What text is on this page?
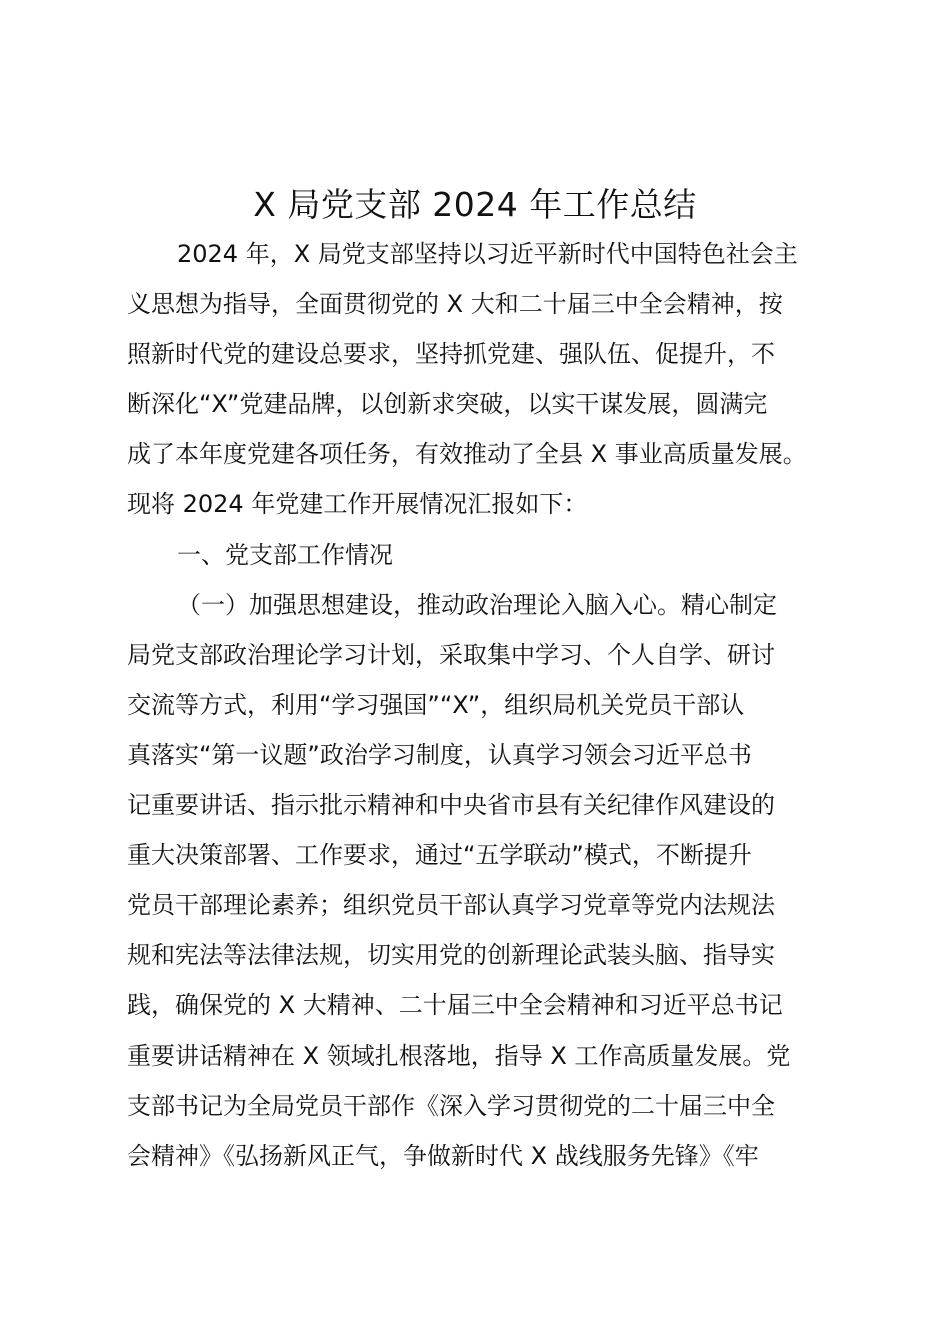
X 局党支部 2024 年工作总结
2024 年，X 局党支部坚持以习近平新时代中国特色社会主
义思想为指导，全面贯彻党的 X 大和二十届三中全会精神，按
照新时代党的建设总要求，坚持抓党建、强队伍、促提升，不
断深化“X”党建品牌，以创新求突破，以实干谋发展，圆满完
成了本年度党建各项任务，有效推动了全县 X 事业高质量发展。
现将 2024 年党建工作开展情况汇报如下：
一、党支部工作情况
（一）加强思想建设，推动政治理论入脑入心。精心制定
局党支部政治理论学习计划，采取集中学习、个人自学、研讨
交流等方式，利用“学习强国”“X”，组织局机关党员干部认
真落实“第一议题”政治学习制度，认真学习领会习近平总书
记重要讲话、指示批示精神和中央省市县有关纪律作风建设的
重大决策部署、工作要求，通过“五学联动”模式，不断提升
党员干部理论素养；组织党员干部认真学习党章等党内法规法
规和宪法等法律法规，切实用党的创新理论武装头脑、指导实
践，确保党的 X 大精神、二十届三中全会精神和习近平总书记
重要讲话精神在 X 领域扎根落地，指导 X 工作高质量发展。党
支部书记为全局党员干部作《深入学习贯彻党的二十届三中全
会精神》《弘扬新风正气，争做新时代 X 战线服务先锋》《牢
